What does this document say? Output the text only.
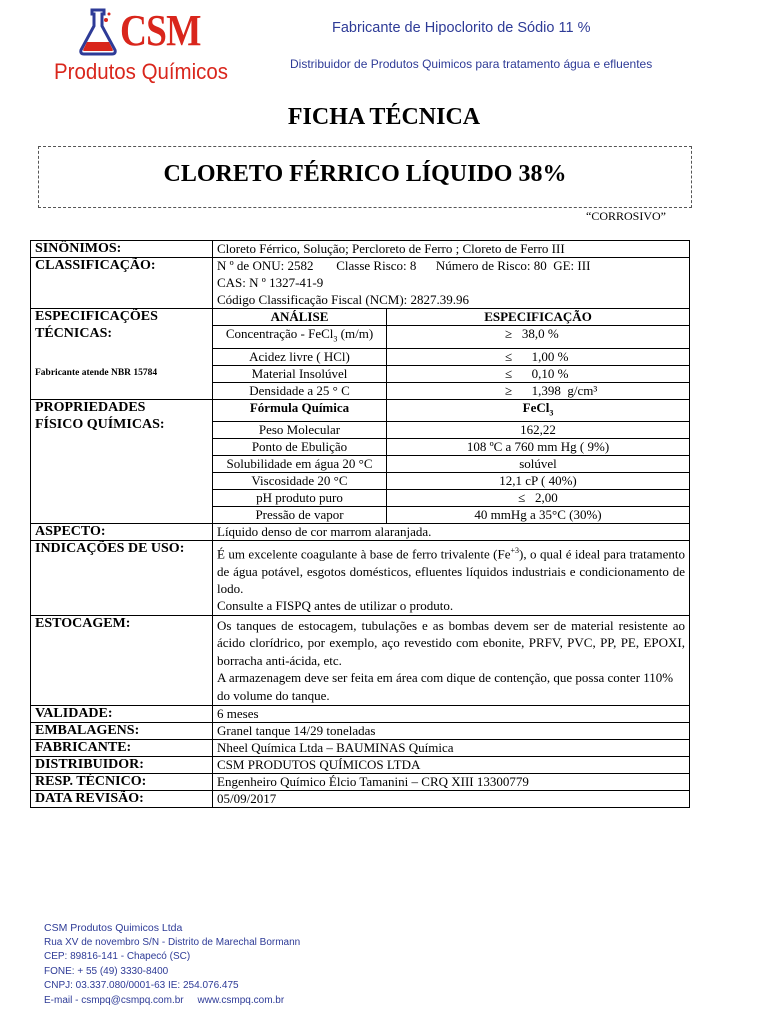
CSM
Produtos Químicos
Fabricante de Hipoclorito de Sódio 11 %
Distribuidor de Produtos Quimicos para tratamento água e efluentes
FICHA TÉCNICA
CLORETO FÉRRICO LÍQUIDO 38%
“CORROSIVO”
SINÔNIMOS:	Cloreto Férrico, Solução; Percloreto de Ferro ; Cloreto de Ferro III	
CLASSIFICAÇÃO:	N º de ONU: 2582       Classe Risco: 8      Número de Risco: 80  GE: III
CAS: N º 1327-41-9
Código Classificação Fiscal (NCM): 2827.39.96	

ESPECIFICAÇÕES
TÉCNICAS:	ANÁLISE	ESPECIFICAÇÃO
	Concentração - FeCl$_3$ (m/m)	≥   38,0 %
	Acidez livre ( HCl)	≤      1,00 %
Fabricante atende NBR 15784	Material Insolúvel	≤      0,10 %
	Densidade a 25 ° C	≥      1,398  g/cm³

PROPRIEDADES
FÍSICO QUÍMICAS:	Fórmula Química	FeCl$_3$
	Peso Molecular	162,22
	Ponto de Ebulição	108 ºC a 760 mm Hg ( 9%)
	Solubilidade em água 20 °C	solúvel
	Viscosidade 20 °C	12,1 cP ( 40%)
	pH produto puro	≤   2,00
	Pressão de vapor	40 mmHg a 35°C (30%)
ASPECTO:	Líquido denso de cor marrom alaranjada.	
INDICAÇÕES DE USO:	É um excelente coagulante à base de ferro trivalente $(Fe^{+3})$, o qual é ideal para tratamento de água potável, esgotos domésticos, efluentes líquidos industriais e condicionamento de lodo.
Consulte a FISPQ antes de utilizar o produto.	

ESTOCAGEM:	Os tanques de estocagem, tubulações e as bombas devem ser de material resistente ao ácido clorídrico, por exemplo, aço revestido com ebonite, PRFV, PVC, PP, PE, EPOXI, borracha anti-ácida, etc.
A armazenagem deve ser feita em área com dique de contenção, que possa conter 110% do volume do tanque.	

VALIDADE:	6 meses	
EMBALAGENS:	Granel tanque 14/29 toneladas	
FABRICANTE:	Nheel Química Ltda – BAUMINAS Química	
DISTRIBUIDOR:	CSM PRODUTOS QUÍMICOS LTDA	
RESP. TÉCNICO:	Engenheiro Químico Élcio Tamanini – CRQ XIII 13300779	
DATA REVISÃO:	05/09/2017	
CSM Produtos Quimicos Ltda
Rua XV de novembro S/N - Distrito de Marechal Bormann
CEP: 89816-141 - Chapecó (SC)
FONE: + 55 (49) 3330-8400
CNPJ: 03.337.080/0001-63 IE: 254.076.475
E-mail - csmpq@csmpq.com.br     www.csmpq.com.br
